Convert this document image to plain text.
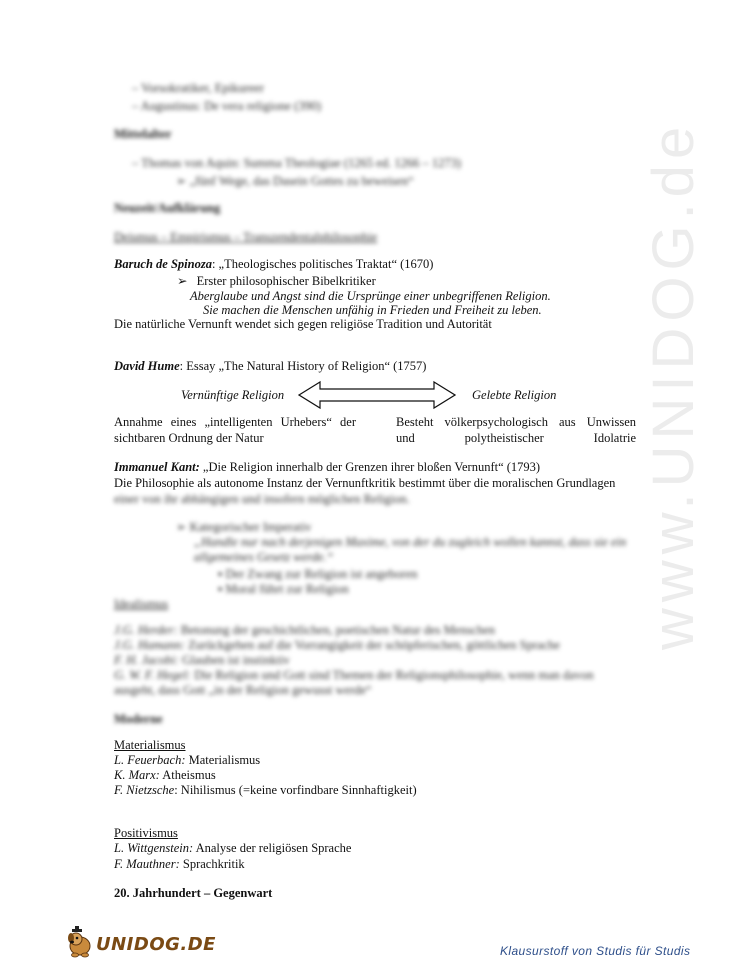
www.UNIDOG.de
– Vorsokratiker, Epikureer
– Augustinus: De vera religione (390)
Mittelalter
– Thomas von Aquin: Summa Theologiae (1265 ed. 1266 – 1273)
➢ „fünf Wege, das Dasein Gottes zu beweisen“
Neuzeit/Aufklärung
Deismus – Empirismus – Transzendentalphilosophie
Baruch de Spinoza: „Theologisches politisches Traktat“ (1670)
➢ Erster philosophischer Bibelkritiker
Aberglaube und Angst sind die Ursprünge einer unbegriffenen Religion.
Sie machen die Menschen unfähig in Frieden und Freiheit zu leben.
Die natürliche Vernunft wendet sich gegen religiöse Tradition und Autorität
David Hume: Essay „The Natural History of Religion“ (1757)
Vernünftige Religion	Gelebte Religion
Annahme eines „intelligenten Urhebers“ der
sichtbaren Ordnung der Natur
Besteht völkerpsychologisch aus Unwissen
und	polytheistischer	Idolatrie
Immanuel Kant: „Die Religion innerhalb der Grenzen ihrer bloßen Vernunft“ (1793)
Die Philosophie als autonome Instanz der Vernunftkritik bestimmt über die moralischen Grundlagen
einer von ihr abhängigen und insofern möglichen Religion.
➢ Kategorischer Imperativ
„Handle nur nach derjenigen Maxime, von der du zugleich wollen kannst, dass sie ein
allgemeines Gesetz werde.“
▪ Der Zwang zur Religion ist angeboren
▪ Moral führt zur Religion
Idealismus
J.G. Herder: Betonung der geschichtlichen, poetischen Natur des Menschen
J.G. Hamann: Zurückgehen auf die Vorrangigkeit der schöpferischen, göttlichen Sprache
F. H. Jacobi: Glauben ist instinktiv
G. W. F. Hegel: Die Religion und Gott sind Themen der Religionsphilosophie, wenn man davon
ausgeht, dass Gott „in der Religion gewusst werde“
Moderne
Materialismus
L. Feuerbach: Materialismus
K. Marx: Atheismus
F. Nietzsche: Nihilismus (=keine vorfindbare Sinnhaftigkeit)
Positivismus
L. Wittgenstein: Analyse der religiösen Sprache
F. Mauthner: Sprachkritik
20. Jahrhundert – Gegenwart
UNIDOG.DE	Klausurstoff von Studis für Studis
